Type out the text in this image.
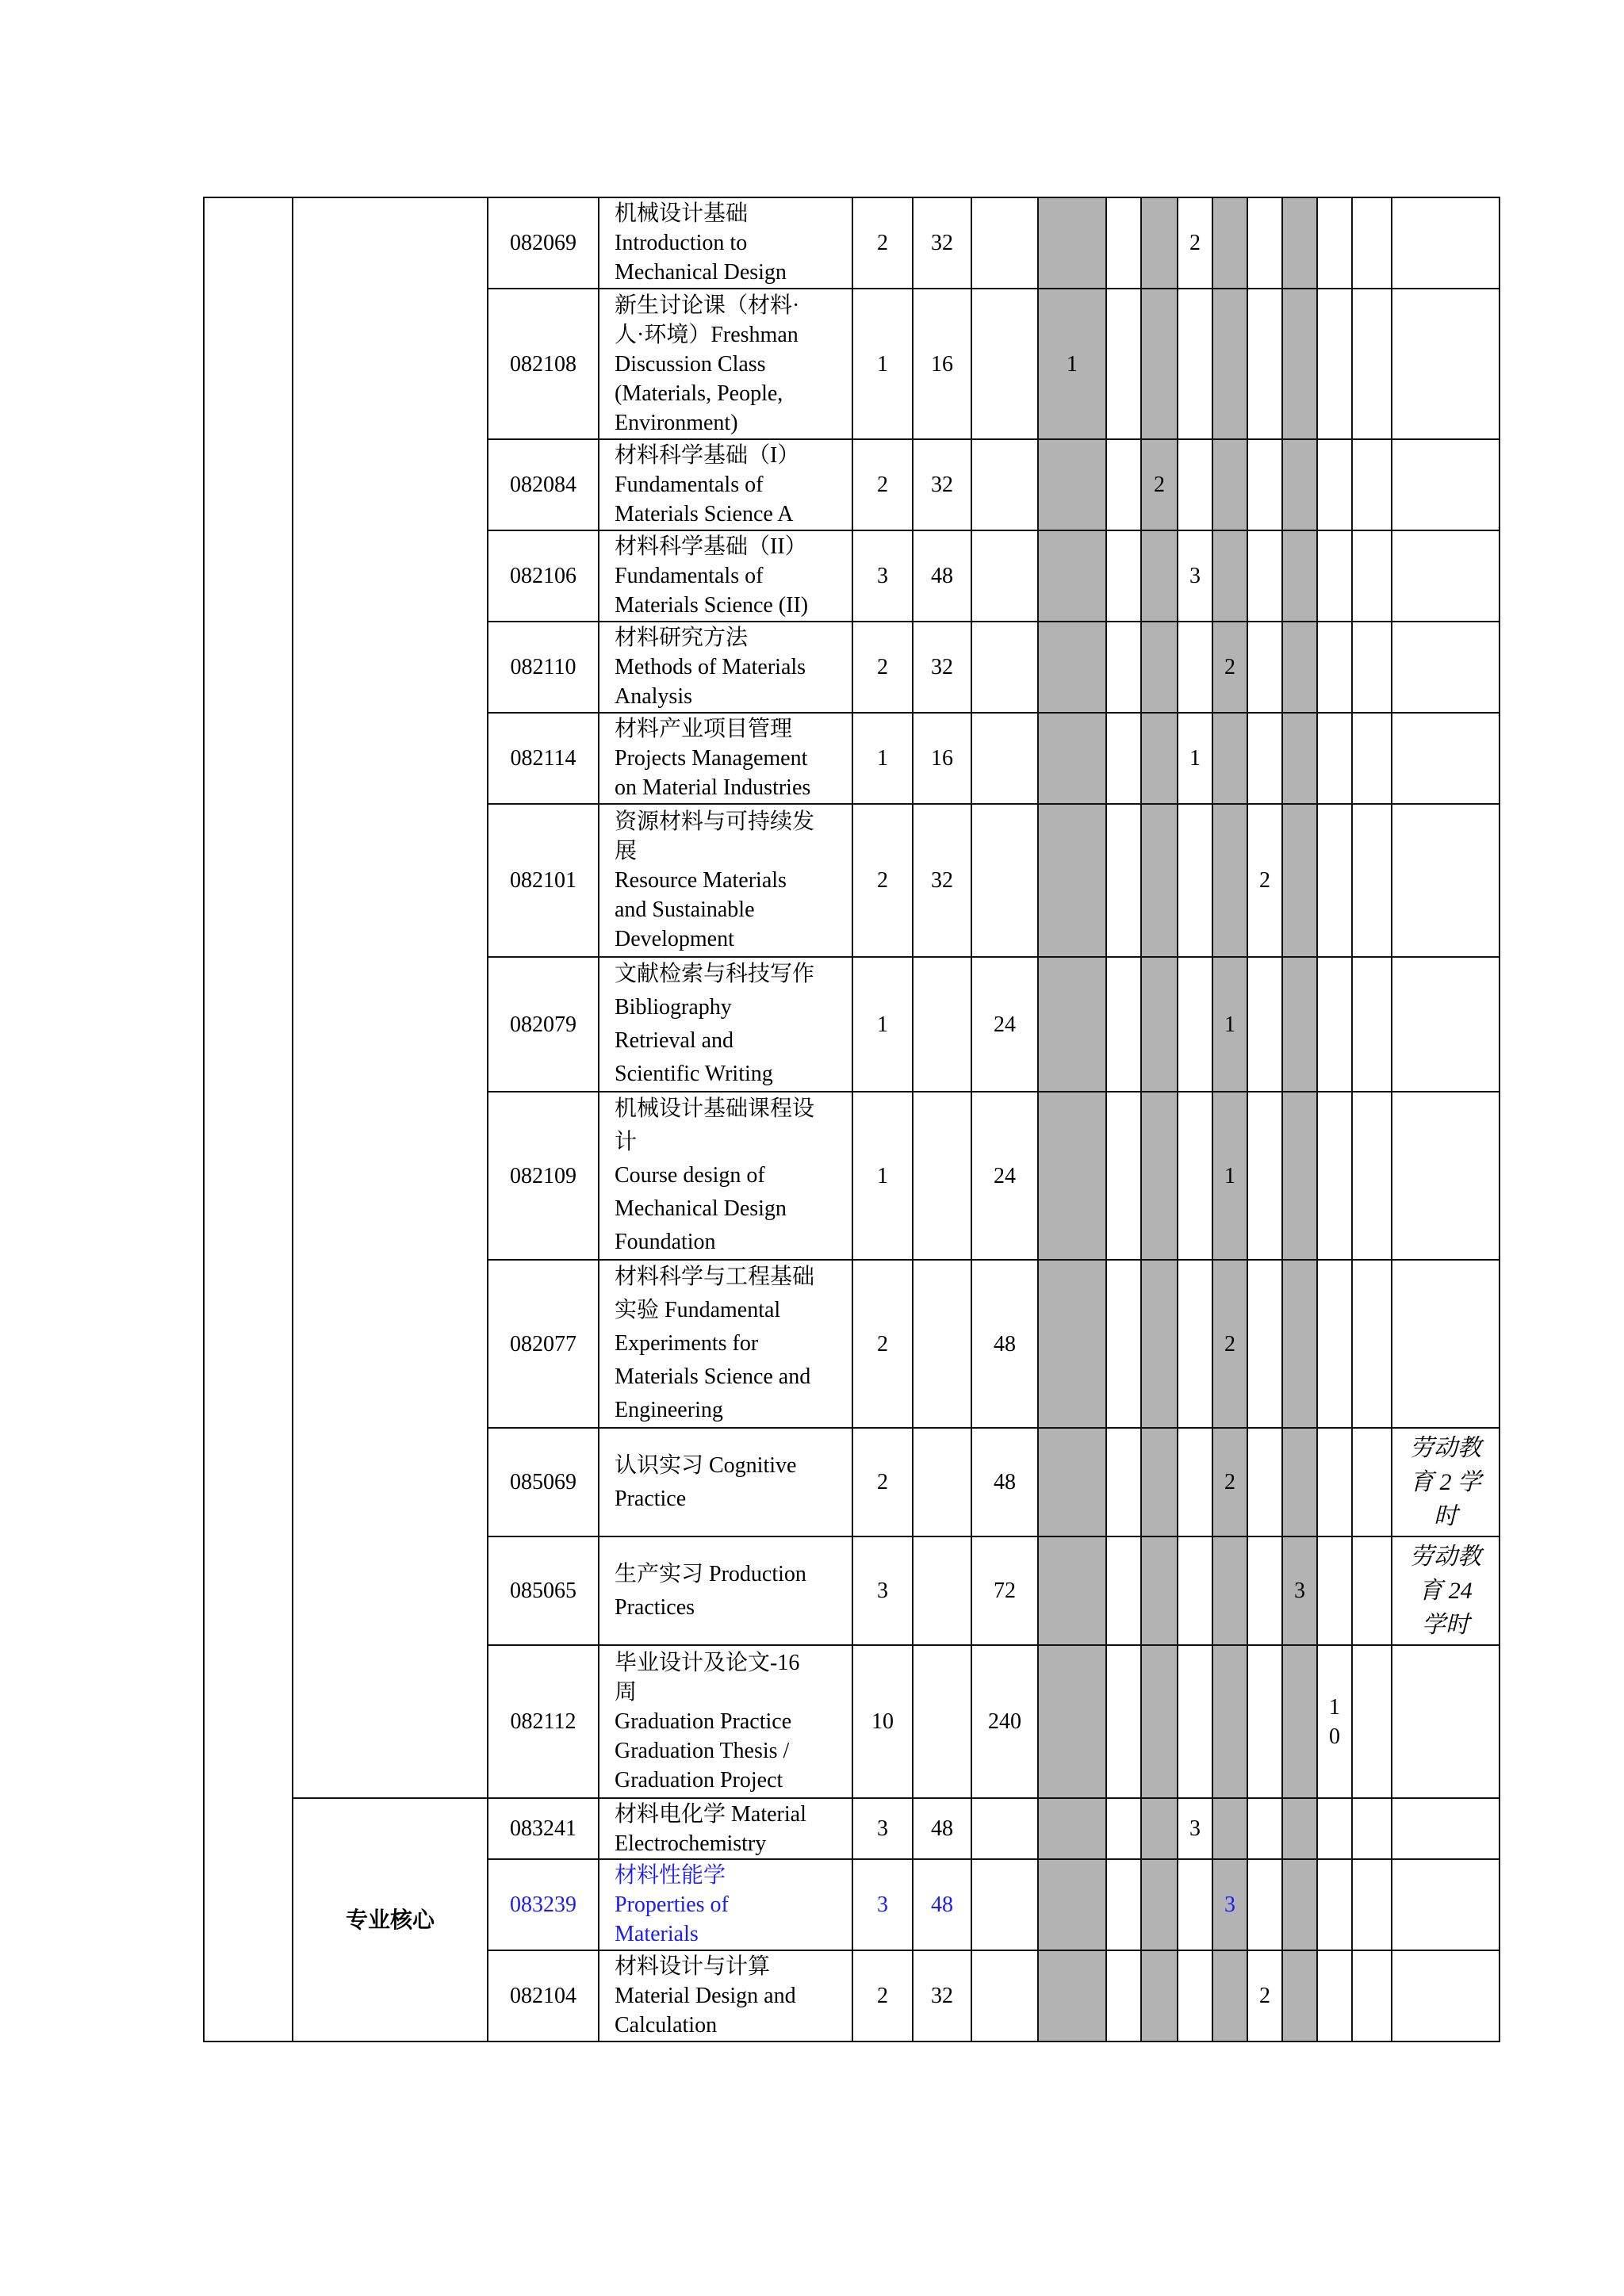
		082069	机械设计基础
Introduction to
Mechanical Design	2	32					2						
		082108	新生讨论课（材料·
人·环境）Freshman
Discussion Class
(Materials, People,
Environment)	1	16		1									
		082084	材料科学基础（I）
Fundamentals of
Materials Science A	2	32				2							
		082106	材料科学基础（II）
Fundamentals of
Materials Science (II)	3	48					3						
		082110	材料研究方法
Methods of Materials
Analysis	2	32						2					
		082114	材料产业项目管理
Projects Management
on Material Industries	1	16					1						
		082101	资源材料与可持续发
展
Resource Materials
and Sustainable
Development	2	32							2				
		082079	文献检索与科技写作
Bibliography
Retrieval and
Scientific Writing	1		24					1					
		082109	机械设计基础课程设
计
Course design of
Mechanical Design
Foundation	1		24					1					
		082077	材料科学与工程基础
实验 Fundamental
Experiments for
Materials Science and
Engineering	2		48					2					
		085069	认识实习 Cognitive
Practice	2		48					2					劳动教
育 2 学
时

		085065	生产实习 Production
Practices	3		72							3			劳动教
育 24
学时

		082112	毕业设计及论文-16
周
Graduation Practice
Graduation Thesis /
Graduation Project	10		240								1
0		

	专业核心	083241	材料电化学 Material
Electrochemistry	3	48					3						
		083239	材料性能学
Properties of
Materials	3	48						3					
		082104	材料设计与计算
Material Design and
Calculation	2	32							2				
